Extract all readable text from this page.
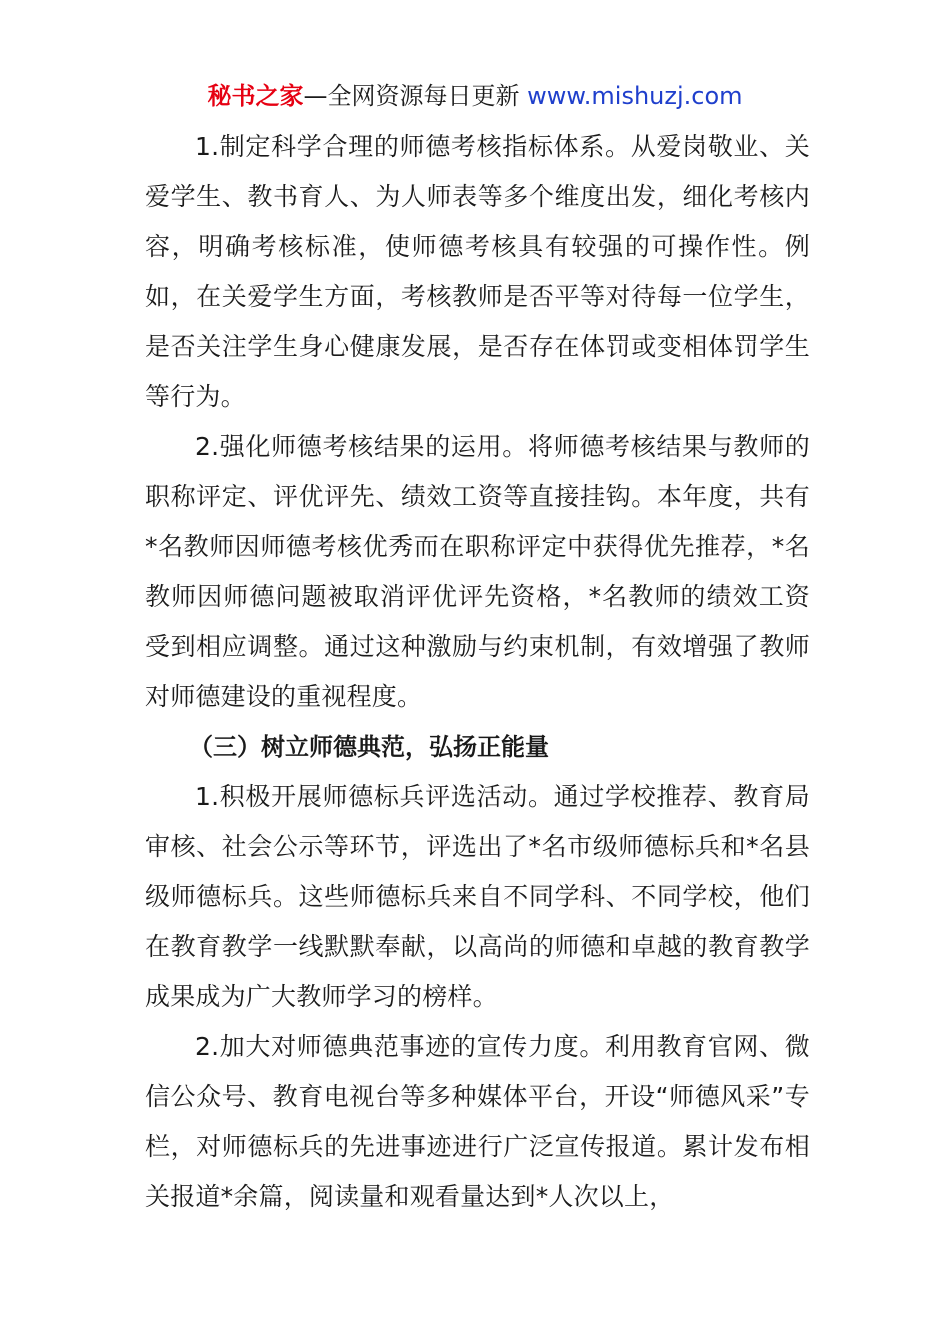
秘书之家—全网资源每日更新 www.mishuzj.com

1.制定科学合理的师德考核指标体系。从爱岗敬业、关爱学生、教书育人、为人师表等多个维度出发，细化考核内容，明确考核标准，使师德考核具有较强的可操作性。例如，在关爱学生方面，考核教师是否平等对待每一位学生，是否关注学生身心健康发展，是否存在体罚或变相体罚学生等行为。

2.强化师德考核结果的运用。将师德考核结果与教师的职称评定、评优评先、绩效工资等直接挂钩。本年度，共有*名教师因师德考核优秀而在职称评定中获得优先推荐，*名教师因师德问题被取消评优评先资格，*名教师的绩效工资受到相应调整。通过这种激励与约束机制，有效增强了教师对师德建设的重视程度。

（三）树立师德典范，弘扬正能量

1.积极开展师德标兵评选活动。通过学校推荐、教育局审核、社会公示等环节，评选出了*名市级师德标兵和*名县级师德标兵。这些师德标兵来自不同学科、不同学校，他们在教育教学一线默默奉献，以高尚的师德和卓越的教育教学成果成为广大教师学习的榜样。

2.加大对师德典范事迹的宣传力度。利用教育官网、微信公众号、教育电视台等多种媒体平台，开设“师德风采”专栏，对师德标兵的先进事迹进行广泛宣传报道。累计发布相关报道*余篇，阅读量和观看量达到*人次以上，
